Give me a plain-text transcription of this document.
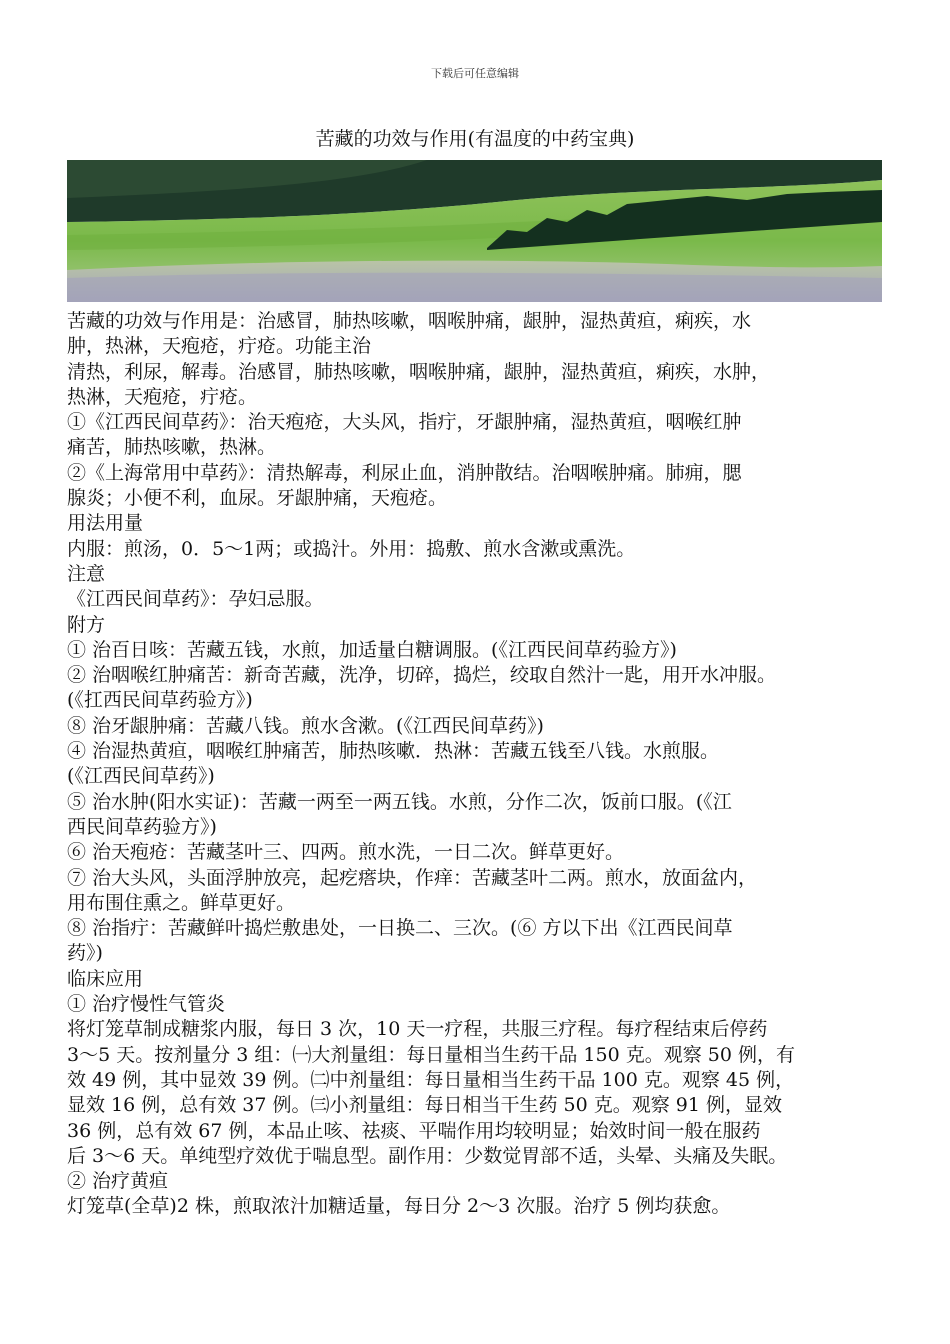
下载后可任意编辑
苦藏的功效与作用(有温度的中药宝典)

苦藏的功效与作用是：治感冒，肺热咳嗽，咽喉肿痛，龈肿，湿热黄疸，痢疾，水

肿，热淋，天疱疮，疔疮。功能主治

清热，利尿，解毒。治感冒，肺热咳嗽，咽喉肿痛，龈肿，湿热黄疸，痢疾，水肿，

热淋，天疱疮，疔疮。

①《江西民间草药》：治天疱疮，大头风，指疔，牙龈肿痛，湿热黄疸，咽喉红肿

痛苦，肺热咳嗽，热淋。

②《上海常用中草药》：清热解毒，利尿止血，消肿散结。治咽喉肿痛。肺痈，腮

腺炎；小便不利，血尿。牙龈肿痛，天疱疮。

用法用量

内服：煎汤，0．5～1两；或捣汁。外用：捣敷、煎水含漱或熏洗。

注意

《江西民间草药》：孕妇忌服。

附方

① 治百日咳：苦藏五钱，水煎，加适量白糖调服。(《江西民间草药验方》)

② 治咽喉红肿痛苦：新奇苦藏，洗净，切碎，捣烂，绞取自然汁一匙，用开水冲服。

(《扛西民间草药验方》)

⑧ 治牙龈肿痛：苦藏八钱。煎水含漱。(《江西民间草药》)

④ 治湿热黄疸，咽喉红肿痛苦，肺热咳嗽．热淋：苦藏五钱至八钱。水煎服。

(《江西民间草药》)

⑤ 治水肿(阳水实证)：苦藏一两至一两五钱。水煎，分作二次，饭前口服。(《江

西民间草药验方》)

⑥ 治天疱疮：苦藏茎叶三、四两。煎水洗，一日二次。鲜草更好。

⑦ 治大头风，头面浮肿放亮，起疙瘩块，作痒：苦藏茎叶二两。煎水，放面盆内，

用布围住熏之。鲜草更好。

⑧ 治指疔：苦藏鲜叶捣烂敷患处，一日换二、三次。(⑥ 方以下出《江西民间草

药》)

临床应用

① 治疗慢性气管炎

将灯笼草制成糖浆内服，每日 3 次，10 天一疗程，共服三疗程。每疗程结束后停药

3～5 天。按剂量分 3 组：㈠大剂量组：每日量相当生药干品 150 克。观察 50 例，有

效 49 例，其中显效 39 例。㈡中剂量组：每日量相当生药干品 100 克。观察 45 例，

显效 16 例，总有效 37 例。㈢小剂量组：每日相当干生药 50 克。观察 91 例，显效

36 例，总有效 67 例，本品止咳、祛痰、平喘作用均较明显；始效时间一般在服药

后 3～6 天。单纯型疗效优于喘息型。副作用：少数觉胃部不适，头晕、头痛及失眠。

② 治疗黄疸

灯笼草(全草)2 株，煎取浓汁加糖适量，每日分 2～3 次服。治疗 5 例均获愈。
